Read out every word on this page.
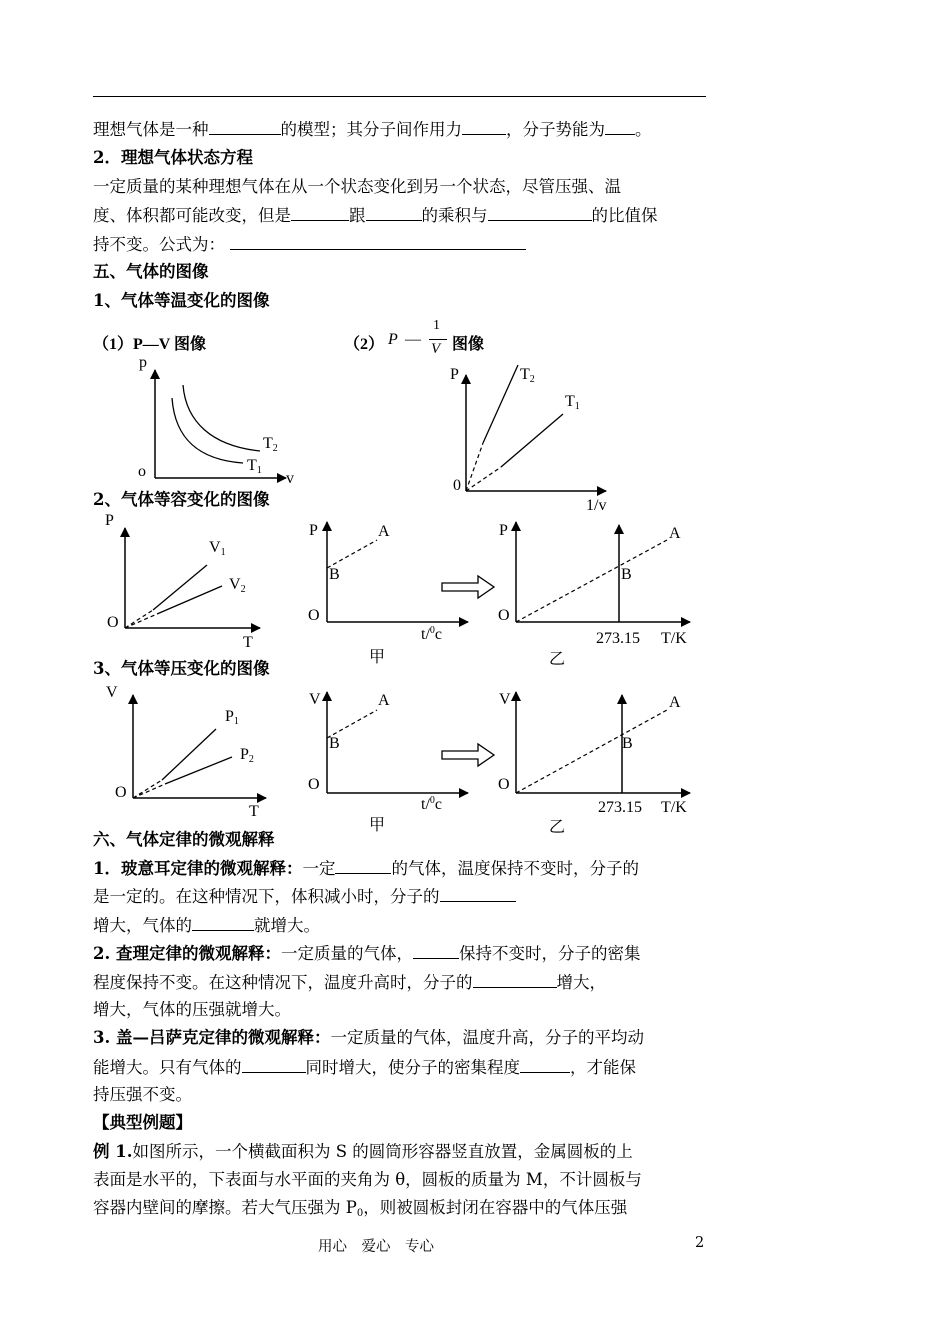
理想气体是一种	的模型；其分子间作用力	，分子势能为 。
2．理想气体状态方程
一定质量的某种理想气体在从一个状态变化到另一个状态，尽管压强、温
度、体积都可能改变，但是	跟	的乘积与	的比值保
持不变。公式为：
五、气体的图像
1、气体等温变化的图像
（1）P—V 图像	（2） P —
1
V 图像
p
v
o
$T_2$
$T_1$
P
1/v
0
$T_2$
$T_1$
2、气体等容变化的图像
P
T
O
$V_1$
$V_2$
P	A
B
O
t/$^0$c
甲
P	A
B
O
273.15 T/K
乙
3、气体等压变化的图像
V
T
O
$P_1$
$P_2$
V	A
B
O
t/$^0$c
甲
V	A
B
O
273.15 T/K
乙
六、气体定律的微观解释
1．玻意耳定律的微观解释：一定	的气体，温度保持不变时，分子的
是一定的。在这种情况下，体积减小时，分子的
增大，气体的	就增大。
2. 查理定律的微观解释：一定质量的气体，	保持不变时，分子的密集
程度保持不变。在这种情况下，温度升高时，分子的	增大，
增大，气体的压强就增大。
3. 盖—吕萨克定律的微观解释：一定质量的气体，温度升高，分子的平均动
能增大。只有气体的	同时增大，使分子的密集程度	，才能保
持压强不变。
【典型例题】
例 1.如图所示，一个横截面积为 S 的圆筒形容器竖直放置，金属圆板的上
表面是水平的，下表面与水平面的夹角为 θ，圆板的质量为 M，不计圆板与
容器内壁间的摩擦。若大气压强为 $P_0$，则被圆板封闭在容器中的气体压强
用心　爱心　专心	2
